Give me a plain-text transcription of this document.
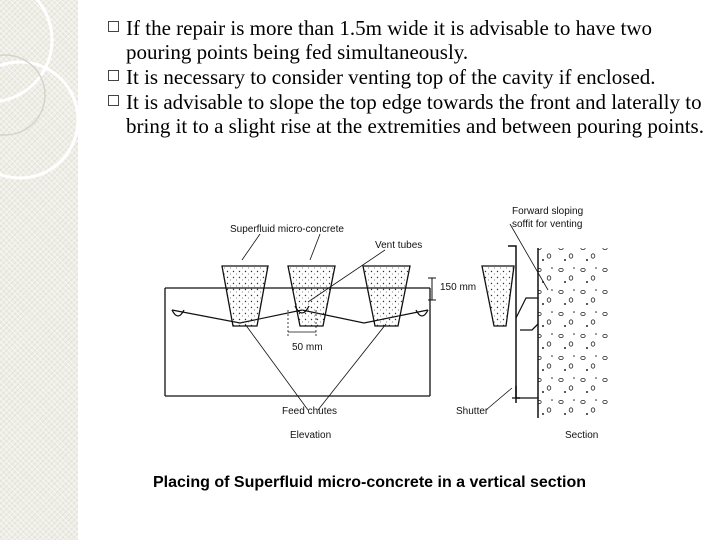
If the repair is more than 1.5m wide it is advisable to have two pouring points being fed simultaneously.
It is necessary to consider venting top of the cavity if enclosed.
It is advisable to slope the top edge towards the front and laterally to bring it to a slight rise at the extremities and between pouring points.
Superfluid micro-concrete
Vent tubes
150 mm
50 mm
Feed chutes
Elevation
Forward sloping
soffit for venting
Shutter
Section
Placing of Superfluid micro-concrete in a vertical section
